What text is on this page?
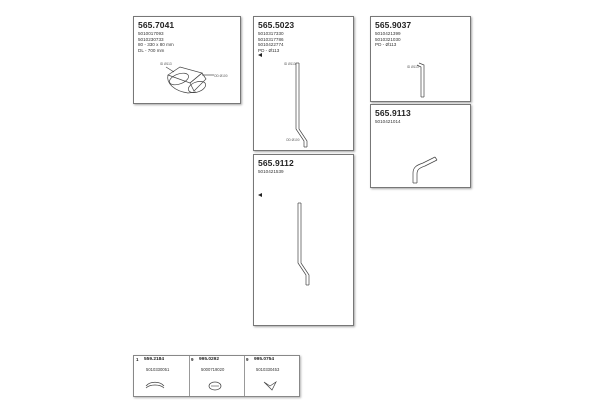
565.7041
5010017093
5010230733
80 - 330 x 80 mm
DL - 700 mm
ID Ø113
OD Ø100
565.5023
5010317330
5010317786
5010422774
PD - Ø113
ID Ø113
OD Ø100
565.9037
5010421399
5010321030
PD - Ø113
ID Ø113
565.9113
5010421014
565.9112
5010421539
1 559.2184
5010330051
9 995.0292
5000719020
9 995.0754
5010330453
